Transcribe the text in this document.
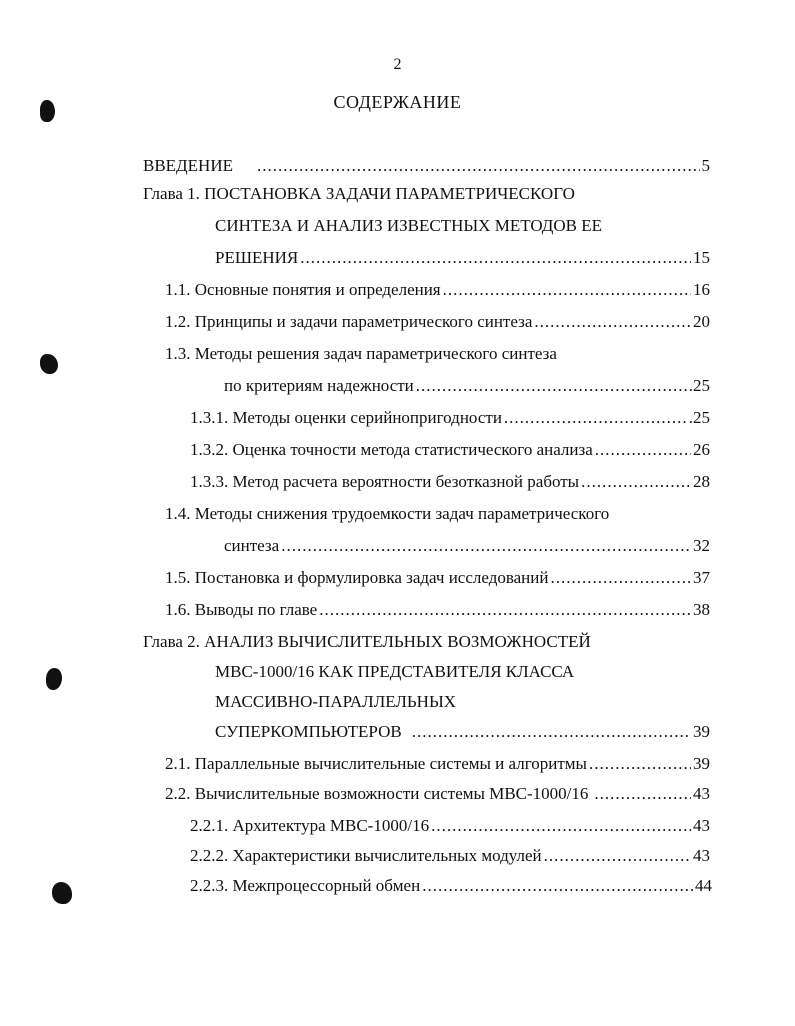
2
СОДЕРЖАНИЕ
ВВЕДЕНИЕ .....	5
Глава 1. ПОСТАНОВКА ЗАДАЧИ ПАРАМЕТРИЧЕСКОГО
СИНТЕЗА И АНАЛИЗ ИЗВЕСТНЫХ МЕТОДОВ ЕЕ
РЕШЕНИЯ .....	15
1.1. Основные понятия и определения .....	16
1.2. Принципы и задачи параметрического синтеза .....	20
1.3. Методы решения задач параметрического синтеза
по критериям надежности .....	.25
1.3.1. Методы оценки серийнопригодности .....	.25
1.3.2. Оценка точности метода статистического анализа .....	26
1.3.3. Метод расчета вероятности безотказной работы .....	28
1.4. Методы снижения трудоемкости задач параметрического
синтеза .....	32
1.5. Постановка и формулировка задач исследований .....	37
1.6. Выводы по главе .....	38
Глава 2. АНАЛИЗ ВЫЧИСЛИТЕЛЬНЫХ ВОЗМОЖНОСТЕЙ
МВС-1000/16 КАК ПРЕДСТАВИТЕЛЯ КЛАССА
МАССИВНО-ПАРАЛЛЕЛЬНЫХ
СУПЕРКОМПЬЮТЕРОВ .....	39
2.1. Параллельные вычислительные системы и алгоритмы .....	39
2.2. Вычислительные возможности системы МВС-1000/16 .....	43
2.2.1. Архитектура МВС-1000/16 .....	43
2.2.2. Характеристики вычислительных модулей .....	43
2.2.3. Межпроцессорный обмен .....	44
